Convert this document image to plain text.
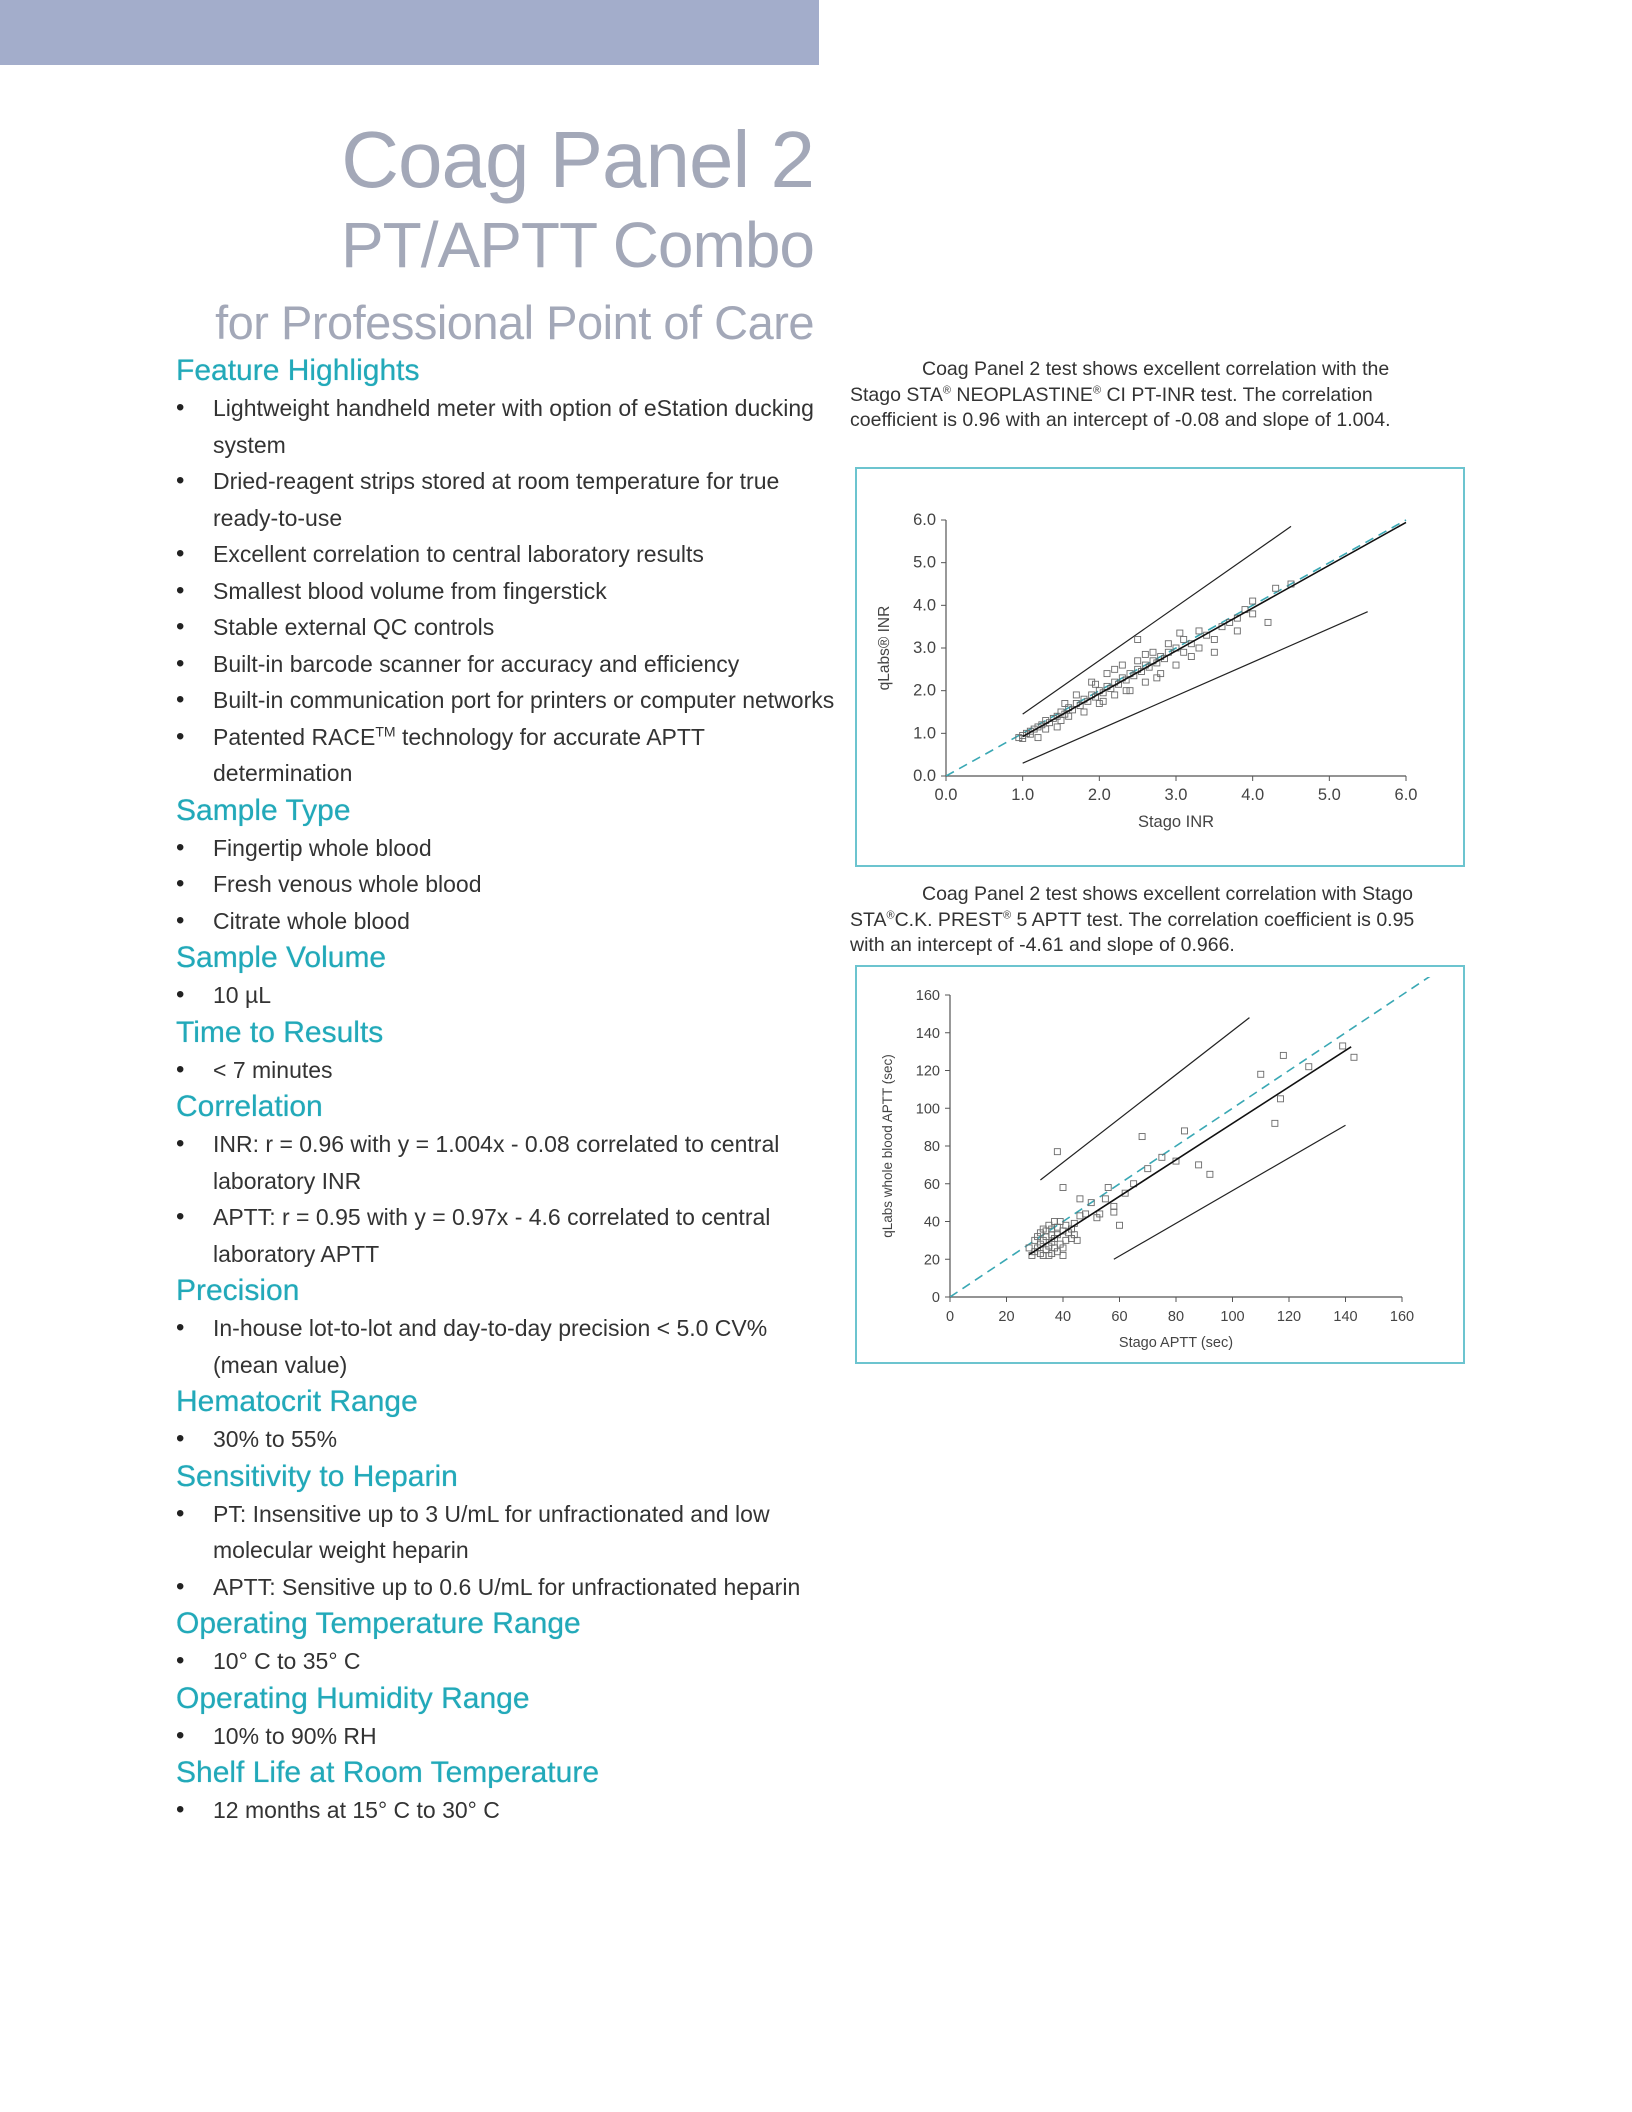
Coag Panel 2
PT/APTT Combo
for Professional Point of Care
Feature Highlights
• Lightweight handheld meter with option of eStation ducking system
• Dried-reagent strips stored at room temperature for true ready-to-use
• Excellent correlation to central laboratory results
• Smallest blood volume from fingerstick
• Stable external QC controls
• Built-in barcode scanner for accuracy and efficiency
• Built-in communication port for printers or computer networks
• Patented RACE™ technology for accurate APTT determination
Sample Type
• Fingertip whole blood
• Fresh venous whole blood
• Citrate whole blood
Sample Volume
• 10 µL
Time to Results
• < 7 minutes
Correlation
• INR: r = 0.96 with y = 1.004x - 0.08 correlated to central laboratory INR
• APTT: r = 0.95 with y = 0.97x - 4.6 correlated to central laboratory APTT
Precision
• In-house lot-to-lot and day-to-day precision < 5.0 CV% (mean value)
Hematocrit Range
• 30% to 55%
Sensitivity to Heparin
• PT: Insensitive up to 3 U/mL for unfractionated and low molecular weight heparin
• APTT: Sensitive up to 0.6 U/mL for unfractionated heparin
Operating Temperature Range
• 10° C to 35° C
Operating Humidity Range
• 10% to 90% RH
Shelf Life at Room Temperature
• 12 months at 15° C to 30° C
Coag Panel 2 test shows excellent correlation with the
Stago STA® NEOPLASTINE® CI PT-INR test. The correlation
coefficient is 0.96 with an intercept of -0.08 and slope of 1.004.
0.0	1.0	2.0	3.0	4.0	5.0	6.0
0.0
1.0
2.0
3.0
4.0
5.0
6.0
Stago INR
qLabs® INR
Coag Panel 2 test shows excellent correlation with Stago
STA®C.K. PREST® 5 APTT test. The correlation coefficient is 0.95
with an intercept of -4.61 and slope of 0.966.
0	20	40	60	80	100 120 140 160
0
20
40
60
80
100
120
140
160
Stago APTT (sec)
qLabs whole blood APTT (sec)
